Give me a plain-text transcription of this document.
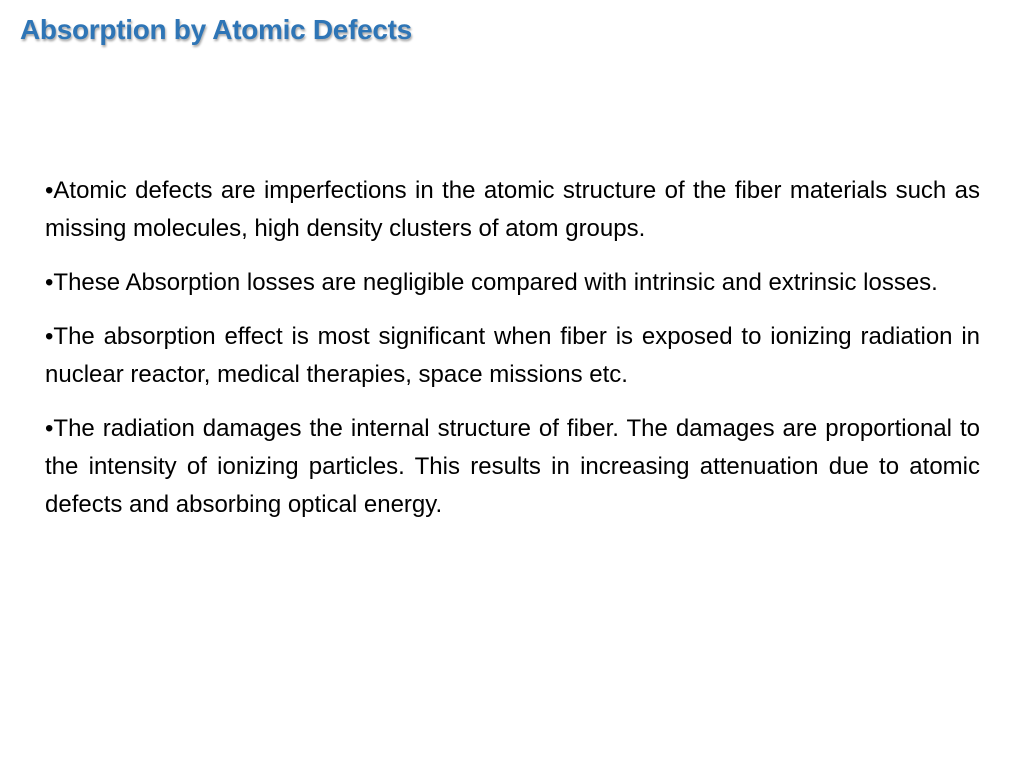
Absorption by Atomic Defects

•Atomic defects are imperfections in the atomic structure of the fiber materials such as missing molecules, high density clusters of atom groups.

•These Absorption losses are negligible compared with intrinsic and extrinsic losses.

•The absorption effect is most significant when fiber is exposed to ionizing radiation in nuclear reactor, medical therapies, space missions etc.

•The radiation damages the internal structure of fiber. The damages are proportional to the intensity of ionizing particles. This results in increasing attenuation due to atomic defects and absorbing optical energy.
